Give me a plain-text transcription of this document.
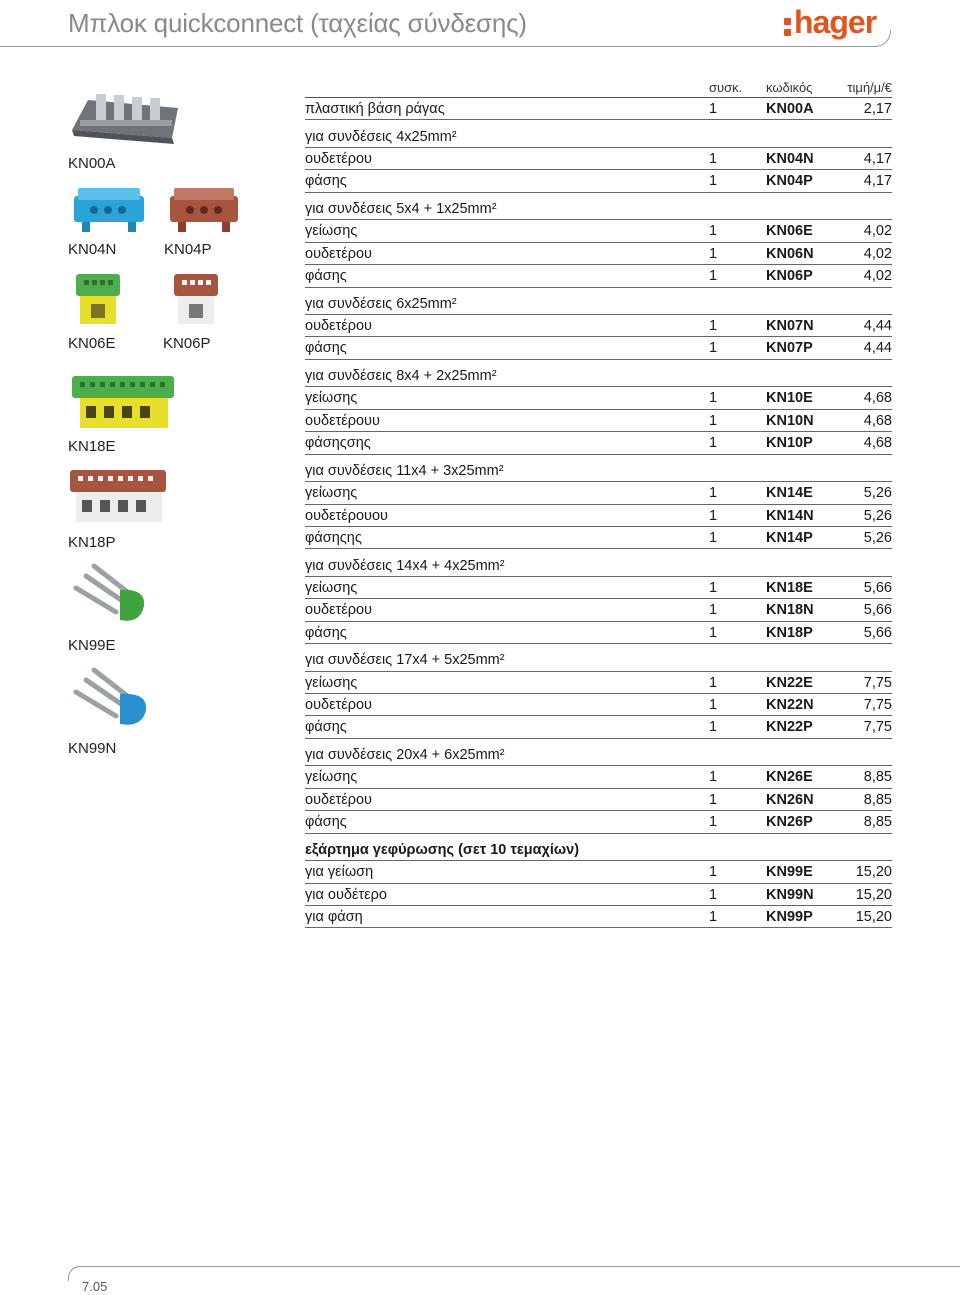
Μπλοκ quickconnect (ταχείας σύνδεσης)	hager
KN00A
KN04N	KN04P
KN06E	KN06P
KN18E
KN18P
KN99E
KN99N
συσκ. κωδικός	τιμή/μ/€
πλαστική βάση ράγας	1	KN00A	2,17
για συνδέσεις 4x25mm²
ουδετέρου	1	KN04N	4,17
φάσης	1	KN04P	4,17
για συνδέσεις 5x4 + 1x25mm²
γείωσης	1	KN06E	4,02
ουδετέρου	1	KN06N	4,02
φάσης	1	KN06P	4,02
για συνδέσεις 6x25mm²
ουδετέρου	1	KN07N	4,44
φάσης	1	KN07P	4,44
για συνδέσεις 8x4 + 2x25mm²
γείωσης	1	KN10E	4,68
ουδετέρουυ	1	KN10N	4,68
φάσηςσης	1	KN10P	4,68
για συνδέσεις 11x4 + 3x25mm²
γείωσης	1	KN14E	5,26
ουδετέρουου	1	KN14N	5,26
φάσηςης	1	KN14P	5,26
για συνδέσεις 14x4 + 4x25mm²
γείωσης	1	KN18E	5,66
ουδετέρου	1	KN18N	5,66
φάσης	1	KN18P	5,66
για συνδέσεις 17x4 + 5x25mm²
γείωσης	1	KN22E	7,75
ουδετέρου	1	KN22N	7,75
φάσης	1	KN22P	7,75
για συνδέσεις 20x4 + 6x25mm²
γείωσης	1	KN26E	8,85
ουδετέρου	1	KN26N	8,85
φάσης	1	KN26P	8,85
εξάρτημα γεφύρωσης (σετ 10 τεμαχίων)
για γείωση	1	KN99E	15,20
για ουδέτερο	1	KN99N	15,20
για φάση	1	KN99P	15,20
7.05
